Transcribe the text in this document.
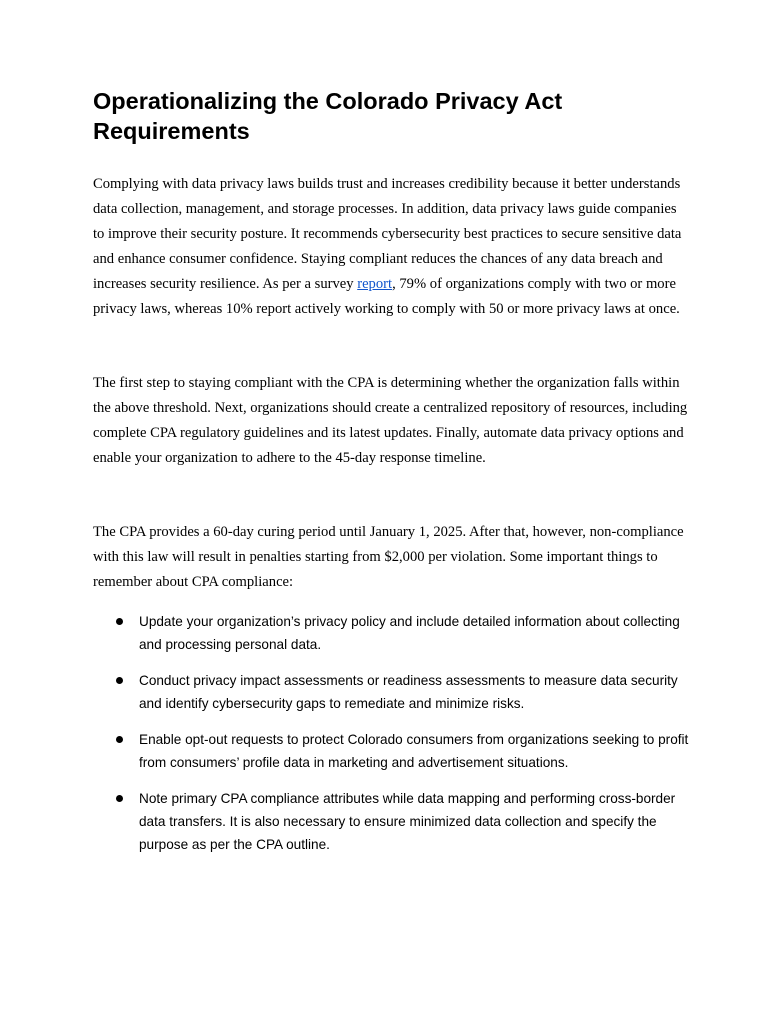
Operationalizing the Colorado Privacy Act Requirements

Complying with data privacy laws builds trust and increases credibility because it better understands data collection, management, and storage processes. In addition, data privacy laws guide companies to improve their security posture. It recommends cybersecurity best practices to secure sensitive data and enhance consumer confidence. Staying compliant reduces the chances of any data breach and increases security resilience. As per a survey report, 79% of organizations comply with two or more privacy laws, whereas 10% report actively working to comply with 50 or more privacy laws at once.

The first step to staying compliant with the CPA is determining whether the organization falls within the above threshold. Next, organizations should create a centralized repository of resources, including complete CPA regulatory guidelines and its latest updates. Finally, automate data privacy options and enable your organization to adhere to the 45-day response timeline.

The CPA provides a 60-day curing period until January 1, 2025. After that, however, non-compliance with this law will result in penalties starting from $2,000 per violation. Some important things to remember about CPA compliance:

Update your organization’s privacy policy and include detailed information about collecting and processing personal data.
Conduct privacy impact assessments or readiness assessments to measure data security and identify cybersecurity gaps to remediate and minimize risks.
Enable opt-out requests to protect Colorado consumers from organizations seeking to profit from consumers’ profile data in marketing and advertisement situations.
Note primary CPA compliance attributes while data mapping and performing cross-border data transfers. It is also necessary to ensure minimized data collection and specify the purpose as per the CPA outline.
